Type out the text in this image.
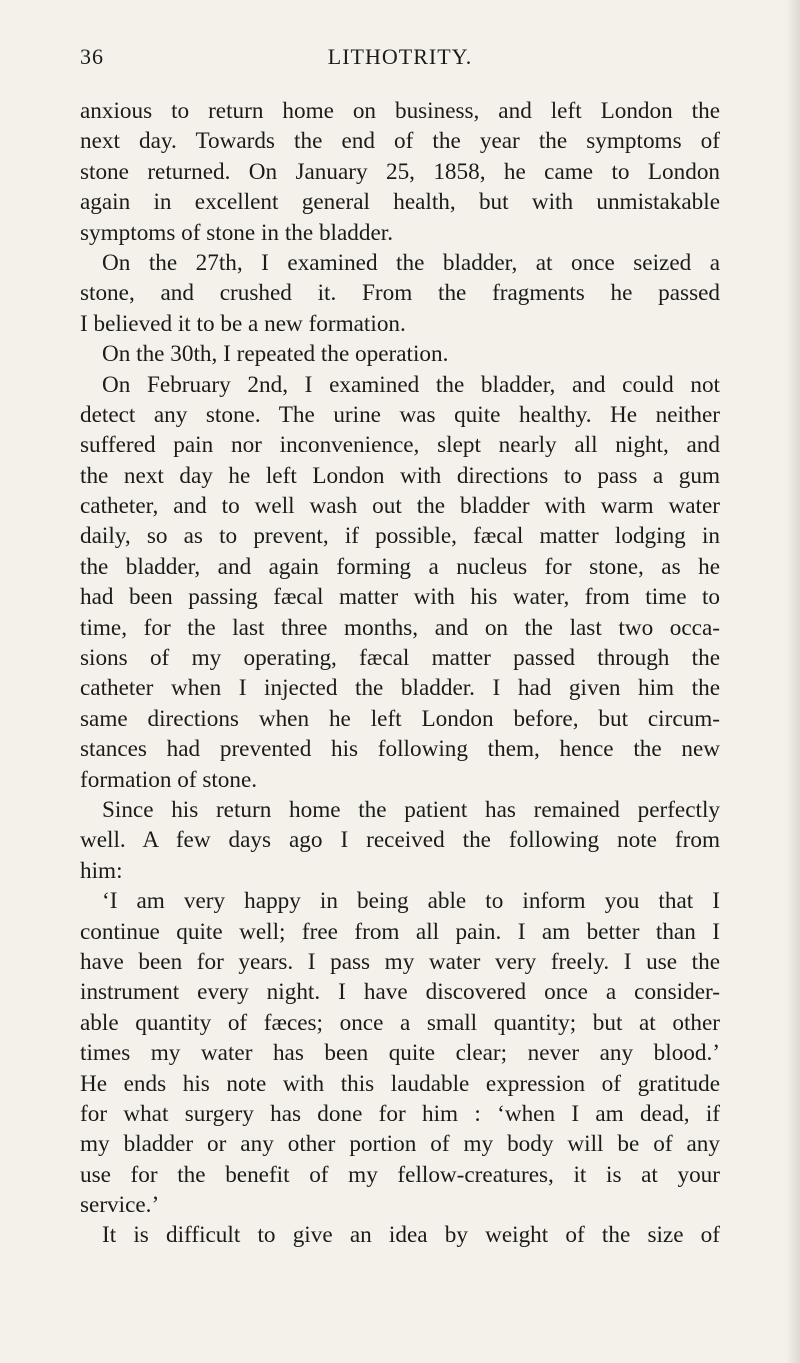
36	LITHOTRITY.
anxious to return home on business, and left London the
next day. Towards the end of the year the symptoms of
stone returned. On January 25, 1858, he came to London
again in excellent general health, but with unmistakable
symptoms of stone in the bladder.
On the 27th, I examined the bladder, at once seized a
stone, and crushed it. From the fragments he passed
I believed it to be a new formation.
On the 30th, I repeated the operation.
On February 2nd, I examined the bladder, and could not
detect any stone. The urine was quite healthy. He neither
suffered pain nor inconvenience, slept nearly all night, and
the next day he left London with directions to pass a gum
catheter, and to well wash out the bladder with warm water
daily, so as to prevent, if possible, fæcal matter lodging in
the bladder, and again forming a nucleus for stone, as he
had been passing fæcal matter with his water, from time to
time, for the last three months, and on the last two occa-
sions of my operating, fæcal matter passed through the
catheter when I injected the bladder. I had given him the
same directions when he left London before, but circum-
stances had prevented his following them, hence the new
formation of stone.
Since his return home the patient has remained perfectly
well. A few days ago I received the following note from
him:
‘I am very happy in being able to inform you that I
continue quite well; free from all pain. I am better than I
have been for years. I pass my water very freely. I use the
instrument every night. I have discovered once a consider-
able quantity of fæces; once a small quantity; but at other
times my water has been quite clear; never any blood.’
He ends his note with this laudable expression of gratitude
for what surgery has done for him : ‘when I am dead, if
my bladder or any other portion of my body will be of any
use for the benefit of my fellow-creatures, it is at your
service.’
It is difficult to give an idea by weight of the size of
